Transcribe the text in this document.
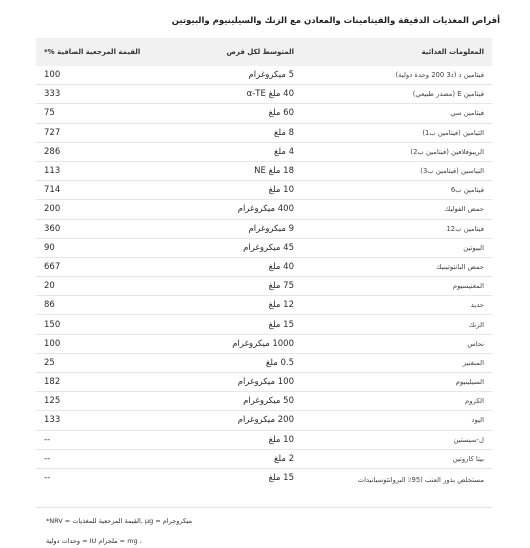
أقراص المغذيات الدقيقة والفيتامينات والمعادن مع الزنك والسيلينيوم والبيوتين
المعلومات الغذائية	المتوسط لكل قرص	القيمة المرجعية الصافية %*
فيتامين د (د3 200 وحدة دولية)	5 ميكروغرام	100
فيتامين E (مصدر طبيعي)	40 ملغ α-TE	333
فيتامين سي	60 ملغ	75
الثيامين (فيتامين ب1)	8 ملغ	727
الريبوفلافين (فيتامين ب2)	4 ملغ	286
النياسين (فيتامين ب3)	18 ملغ NE	113
فيتامين ب6	10 ملغ	714
حمض الفوليك	400 ميكروغرام	200
فيتامين ب12	9 ميكروغرام	360
البيوتين	45 ميكروغرام	90
حمض البانتوثينيك	40 ملغ	667
المغنيسيوم	75 ملغ	20
حديد	12 ملغ	86
الزنك	15 ملغ	150
نحاس	1000 ميكروغرام	100
المنغنيز	0.5 ملغ	25
السيلينيوم	100 ميكروغرام	182
الكروم	50 ميكروغرام	125
اليود	200 ميكروغرام	133
ل-سيستين	10 ملغ	--
بيتا كاروتين	2 ملغ	--
مستخلص بذور العنب (95٪ البروانثوسيانيدات	15 ملغ	--
ميكروجرام = µg ,القيمة المرجعية للمغذيات = NRV*
، mg = ملجرام IU = وحدات دولية
